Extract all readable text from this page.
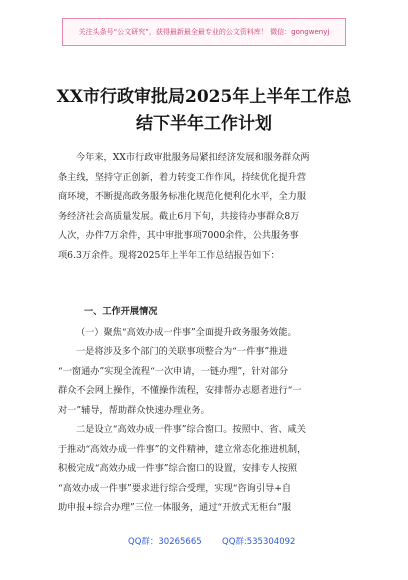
关注头条号“公文研究”，获得最新最全最专业的公文资料库！ 微信：gongwenyj
XX市行政审批局2025年上半年工作总
结下半年工作计划
今年来，XX市行政审批服务局紧扣经济发展和服务群众两
条主线，坚持守正创新，着力转变工作作风，持续优化提升营
商环境，不断提高政务服务标准化规范化便利化水平，全力服
务经济社会高质量发展。截止6月下旬，共接待办事群众8万
人次，办件7万余件，其中审批事项7000余件，公共服务事
项6.3万余件。现将2025年上半年工作总结报告如下：
一、工作开展情况
（一）聚焦“高效办成一件事”全面提升政务服务效能。
一是将涉及多个部门的关联事项整合为“一件事”推进
“一窗通办”实现全流程“一次申请，一链办理”，针对部分
群众不会网上操作，不懂操作流程，安排帮办志愿者进行“一
对一”辅导，帮助群众快速办理业务。
二是设立“高效办成一件事”综合窗口。按照中、省、咸关
于推动“高效办成一件事”的文件精神，建立常态化推进机制，
积极完成“高效办成一件事”综合窗口的设置，安排专人按照
“高效办成一件事”要求进行综合受理，实现“咨询引导+自
助申报+综合办理”三位一体服务，通过“开放式无柜台”服
QQ群：30265665 QQ群:535304092
